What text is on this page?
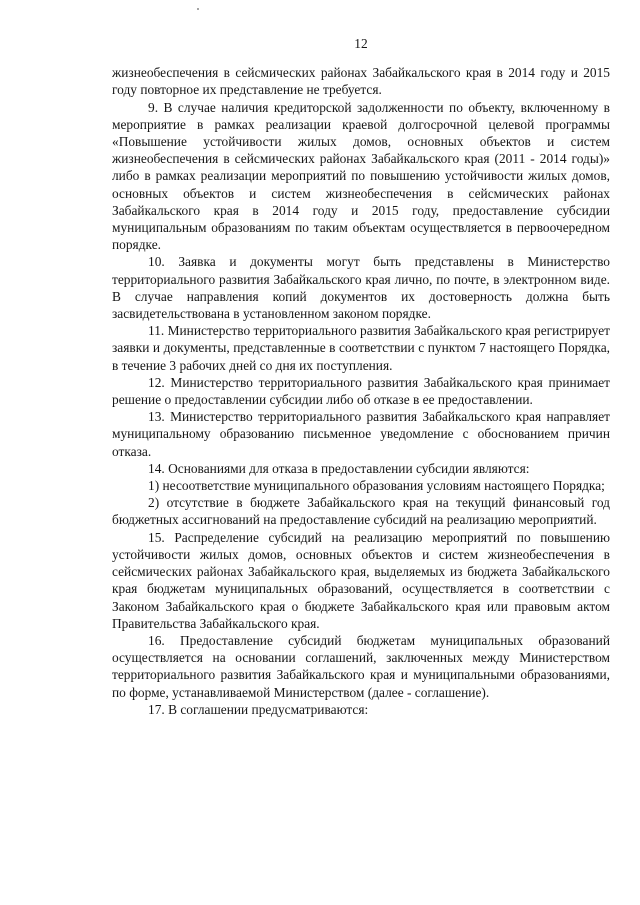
12

жизнеобеспечения в сейсмических районах Забайкальского края в 2014 году и 2015 году повторное их представление не требуется.

9. В случае наличия кредиторской задолженности по объекту, включенному в мероприятие в рамках реализации краевой долгосрочной целевой программы «Повышение устойчивости жилых домов, основных объектов и систем жизнеобеспечения в сейсмических районах Забайкальского края (2011 - 2014 годы)» либо в рамках реализации мероприятий по повышению устойчивости жилых домов, основных объектов и систем жизнеобеспечения в сейсмических районах Забайкальского края в 2014 году и 2015 году, предоставление субсидии муниципальным образованиям по таким объектам осуществляется в первоочередном порядке.

10. Заявка и документы могут быть представлены в Министерство территориального развития Забайкальского края лично, по почте, в электронном виде. В случае направления копий документов их достоверность должна быть засвидетельствована в установленном законом порядке.

11. Министерство территориального развития Забайкальского края регистрирует заявки и документы, представленные в соответствии с пунктом 7 настоящего Порядка, в течение 3 рабочих дней со дня их поступления.

12. Министерство территориального развития Забайкальского края принимает решение о предоставлении субсидии либо об отказе в ее предоставлении.

13. Министерство территориального развития Забайкальского края направляет муниципальному образованию письменное уведомление с обоснованием причин отказа.

14. Основаниями для отказа в предоставлении субсидии являются:

1) несоответствие муниципального образования условиям настоящего Порядка;

2) отсутствие в бюджете Забайкальского края на текущий финансовый год бюджетных ассигнований на предоставление субсидий на реализацию мероприятий.

15. Распределение субсидий на реализацию мероприятий по повышению устойчивости жилых домов, основных объектов и систем жизнеобеспечения в сейсмических районах Забайкальского края, выделяемых из бюджета Забайкальского края бюджетам муниципальных образований, осуществляется в соответствии с Законом Забайкальского края о бюджете Забайкальского края или правовым актом Правительства Забайкальского края.

16. Предоставление субсидий бюджетам муниципальных образований осуществляется на основании соглашений, заключенных между Министерством территориального развития Забайкальского края и муниципальными образованиями, по форме, устанавливаемой Министерством (далее - соглашение).

17. В соглашении предусматриваются:
